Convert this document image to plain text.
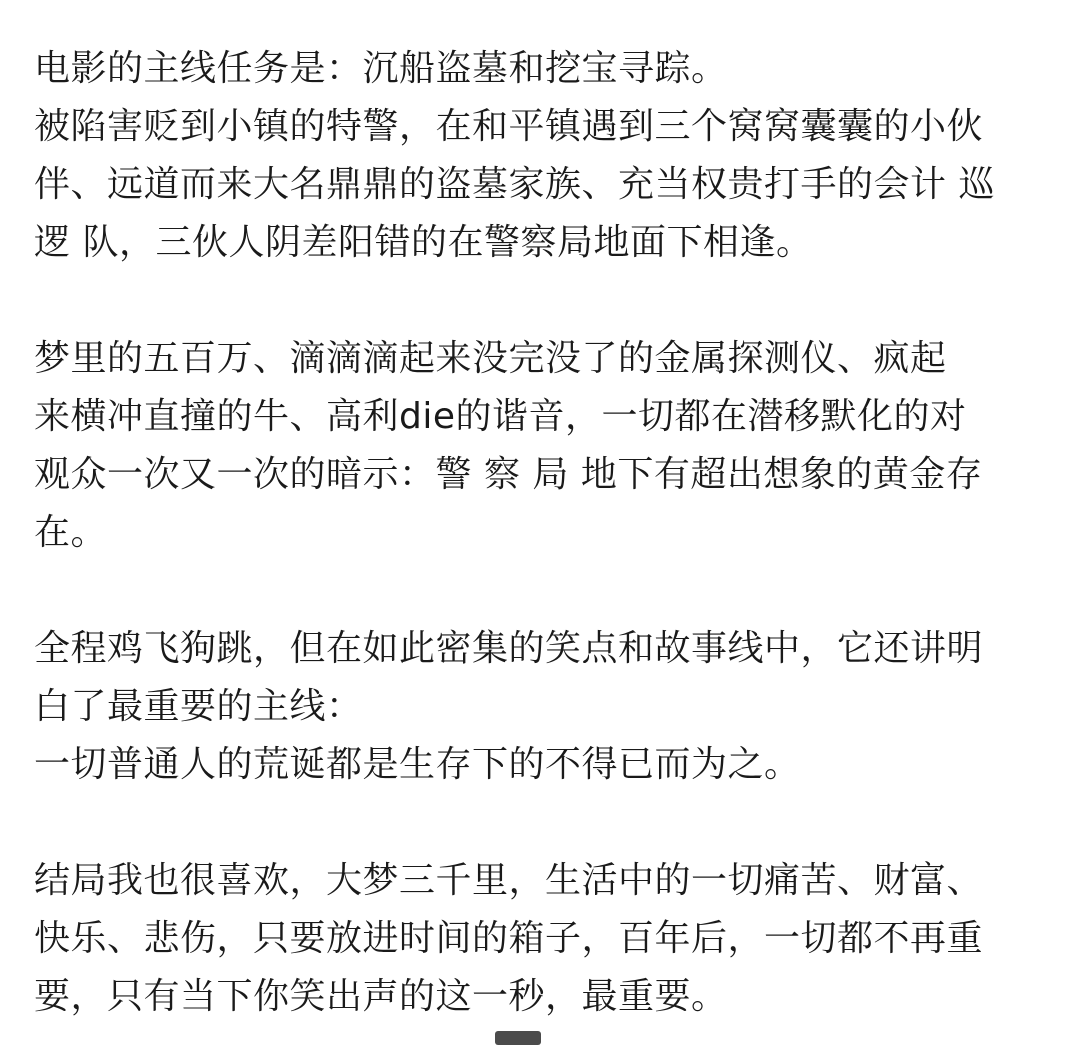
电影的主线任务是：沉船盗墓和挖宝寻踪。
被陷害贬到小镇的特警，在和平镇遇到三个窝窝囊囊的小伙
伴、远道而来大名鼎鼎的盗墓家族、充当权贵打手的会计 巡
逻 队，三伙人阴差阳错的在警察局地面下相逢。
梦里的五百万、滴滴滴起来没完没了的金属探测仪、疯起
来横冲直撞的牛、高利die的谐音，一切都在潜移默化的对
观众一次又一次的暗示：警 察 局 地下有超出想象的黄金存
在。
全程鸡飞狗跳，但在如此密集的笑点和故事线中，它还讲明
白了最重要的主线：
一切普通人的荒诞都是生存下的不得已而为之。
结局我也很喜欢，大梦三千里，生活中的一切痛苦、财富、
快乐、悲伤，只要放进时间的箱子，百年后，一切都不再重
要，只有当下你笑出声的这一秒，最重要。
